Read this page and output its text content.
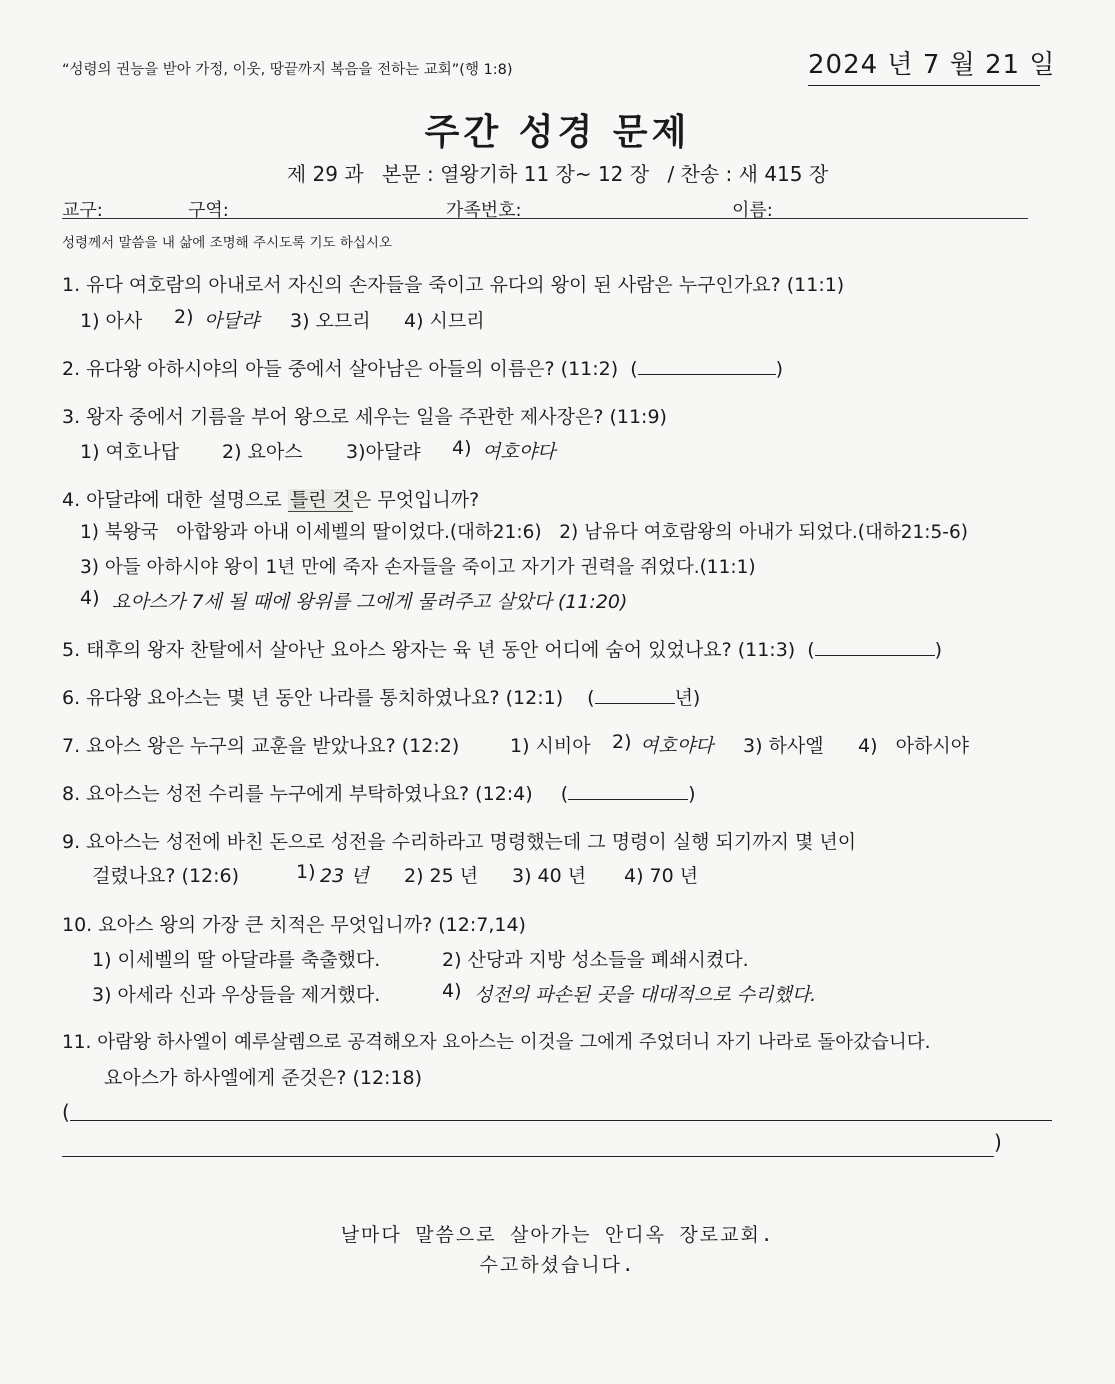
“성령의 권능을 받아 가정, 이웃, 땅끝까지 복음을 전하는 교회”(행 1:8)	2024 년 7 월 21 일
주간 성경 문제
제 29 과 본문 : 열왕기하 11 장~ 12 장 / 찬송 : 새 415 장
교구:	구역:	가족번호:	이름:
성령께서 말씀을 내 삶에 조명해 주시도록 기도 하십시오
1. 유다 여호람의 아내로서 자신의 손자들을 죽이고 유다의 왕이 된 사람은 누구인가요? (11:1)
1) 아사 2) 아달랴 3) 오므리 4) 시므리
2. 유다왕 아하시야의 아들 중에서 살아남은 아들의 이름은? (11:2) (	)
3. 왕자 중에서 기름을 부어 왕으로 세우는 일을 주관한 제사장은? (11:9)
1) 여호나답 2) 요아스 3)아달랴 4) 여호야다
4. 아달랴에 대한 설명으로 틀린 것 은 무엇입니까?
1) 북왕국   아합왕과 아내 이세벨의 딸이었다.(대하21:6)   2) 남유다 여호람왕의 아내가 되었다.(대하21:5-6)
3) 아들 아하시야 왕이 1년 만에 죽자 손자들을 죽이고 자기가 권력을 쥐었다.(11:1)
4) 요아스가 7세 될 때에 왕위를 그에게 물려주고 살았다 (11:20)
5. 태후의 왕자 찬탈에서 살아난 요아스 왕자는 육 년 동안 어디에 숨어 있었나요? (11:3) (	)
6. 유다왕 요아스는 몇 년 동안 나라를 통치하였나요? (12:1) (	년)
7. 요아스 왕은 누구의 교훈을 받았나요? (12:2)	1) 시비아 2) 여호야다 3) 하사엘 4)   아하시야
8. 요아스는 성전 수리를 누구에게 부탁하였나요? (12:4) (	)
9. 요아스는 성전에 바친 돈으로 성전을 수리하라고 명령했는데 그 명령이 실행 되기까지 몇 년이
걸렸나요? (12:6)	1) 23 년 2) 25 년 3) 40 년 4) 70 년
10. 요아스 왕의 가장 큰 치적은 무엇입니까? (12:7,14)
1) 이세벨의 딸 아달랴를 축출했다.	2) 산당과 지방 성소들을 폐쇄시켰다.
3) 아세라 신과 우상들을 제거했다.	4) 성전의 파손된 곳을 대대적으로 수리했다.
11. 아람왕 하사엘이 예루살렘으로 공격해오자 요아스는 이것을 그에게 주었더니 자기 나라로 돌아갔습니다.
요아스가 하사엘에게 준것은? (12:18)
(
)
날마다 말씀으로 살아가는 안디옥 장로교회.
수고하셨습니다.
